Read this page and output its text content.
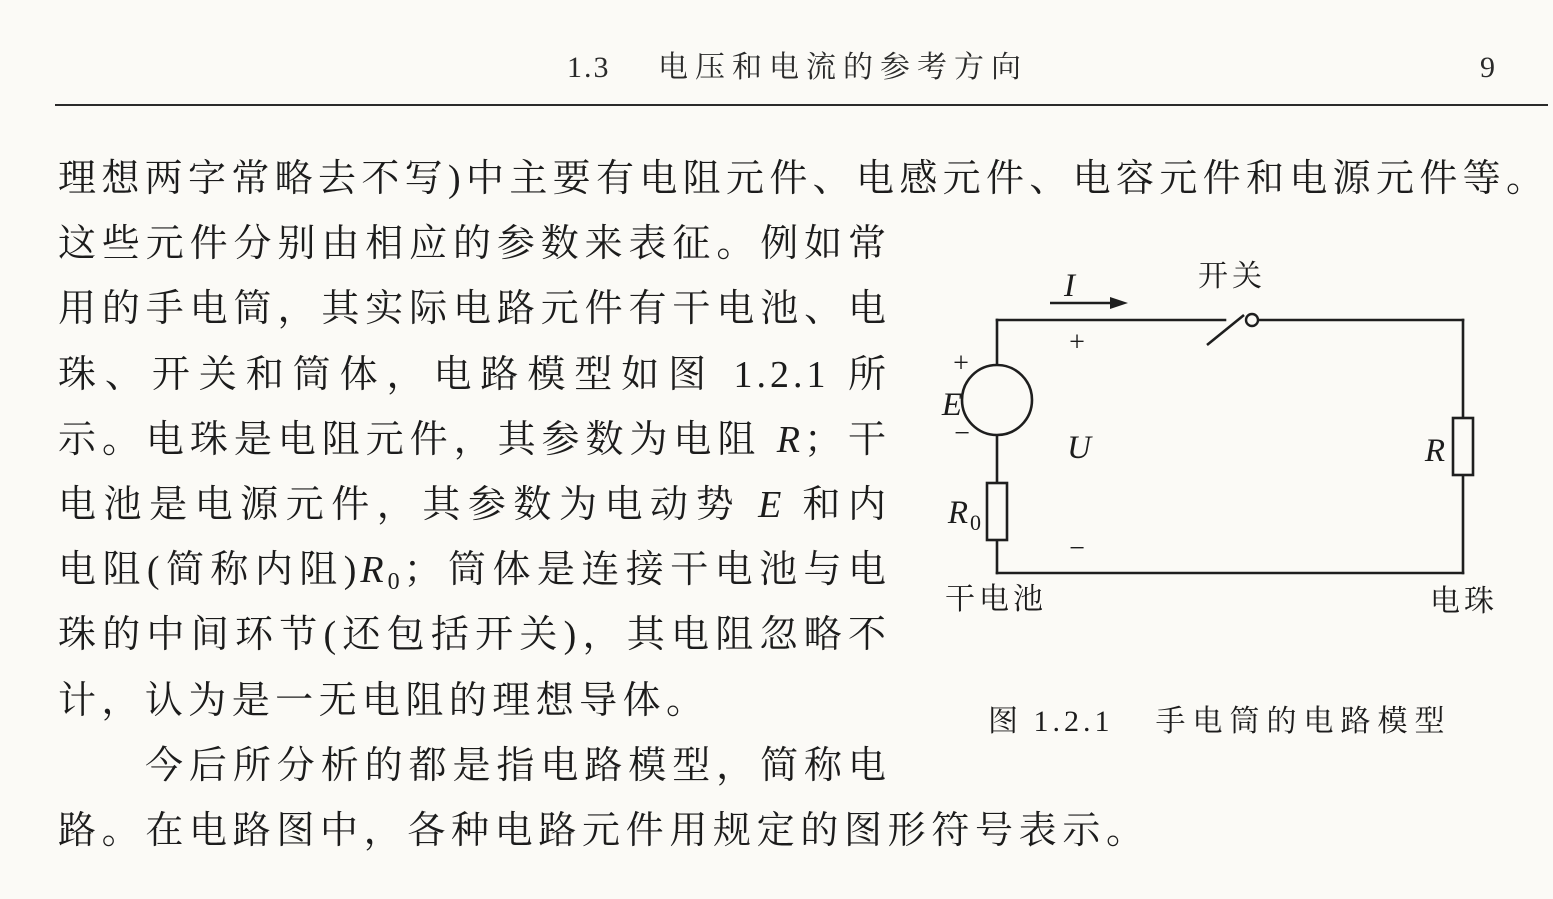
1.3 电压和电流的参考方向	9
理想两字常略去不写)中主要有电阻元件、电感元件、电容元件和电源元件等。
这些元件分别由相应的参数来表征。例如常
用的手电筒，其实际电路元件有干电池、电
珠、开关和筒体，电路模型如图 1.2.1 所
示。电珠是电阻元件，其参数为电阻 R；干
电池是电源元件，其参数为电动势 E 和内
电阻(简称内阻)$R_0$；筒体是连接干电池与电
珠的中间环节(还包括开关)，其电阻忽略不
计，认为是一无电阻的理想导体。
今后所分析的都是指电路模型，简称电
路。在电路图中，各种电路元件用规定的图形符号表示。
I	开关
+
+
E
−	U	R
R 0
−
干电池	电珠
图 1.2.1 手电筒的电路模型
